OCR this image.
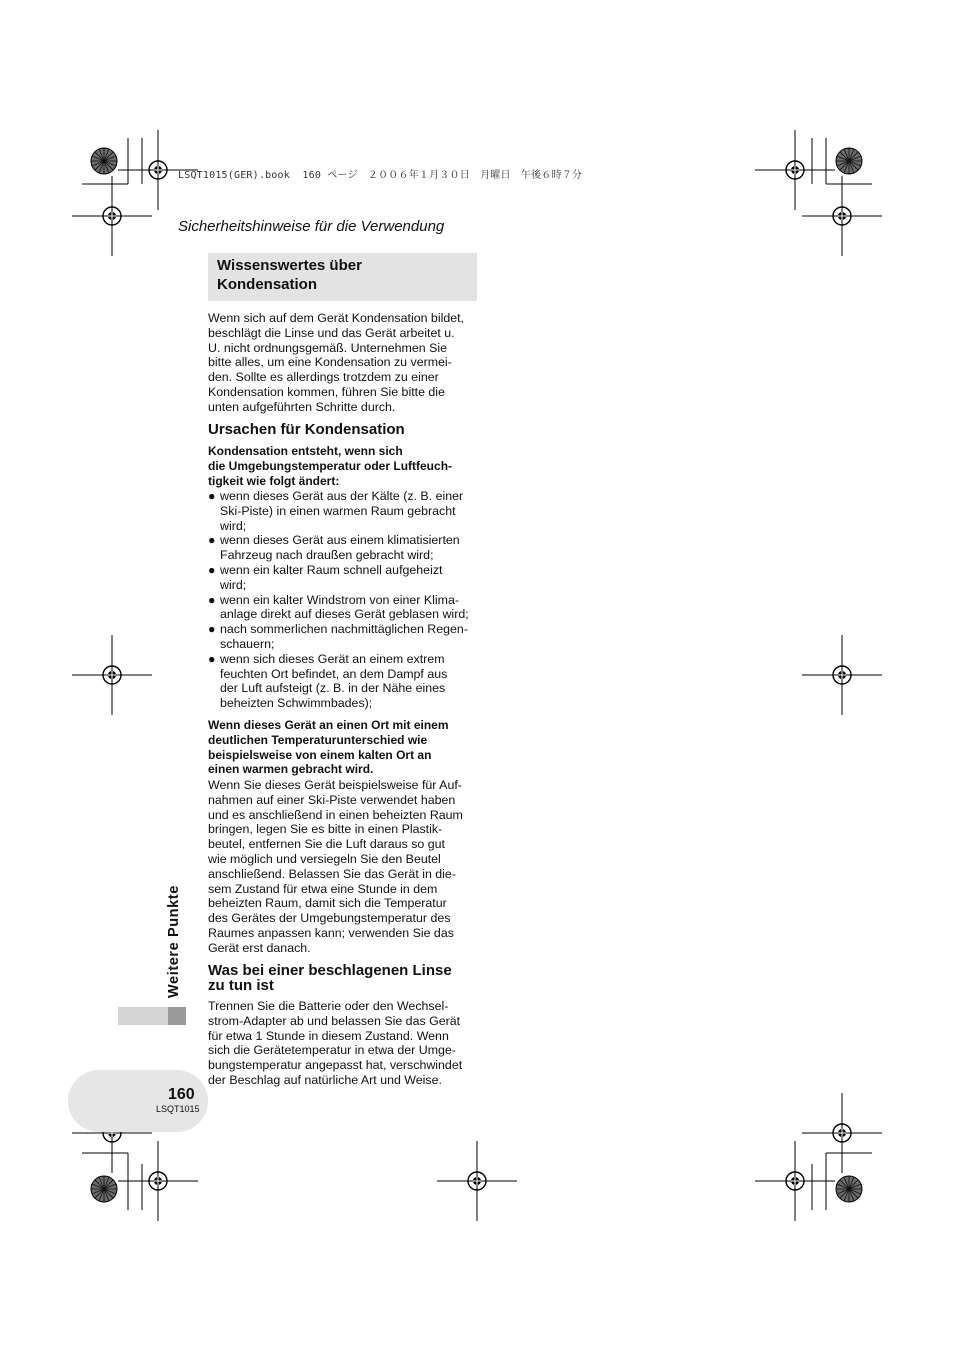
LSQT1015(GER).book  160 ページ　２００６年１月３０日　月曜日　午後６時７分
Sicherheitshinweise für die Verwendung
Wissenswertes über
Kondensation
Wenn sich auf dem Gerät Kondensation bildet,
beschlägt die Linse und das Gerät arbeitet u.
U. nicht ordnungsgemäß. Unternehmen Sie
bitte alles, um eine Kondensation zu vermei-
den. Sollte es allerdings trotzdem zu einer
Kondensation kommen, führen Sie bitte die
unten aufgeführten Schritte durch.
Ursachen für Kondensation
Kondensation entsteht, wenn sich
die Umgebungstemperatur oder Luftfeuch-
tigkeit wie folgt ändert:
● wenn dieses Gerät aus der Kälte (z. B. einer
Ski-Piste) in einen warmen Raum gebracht
wird;
● wenn dieses Gerät aus einem klimatisierten
Fahrzeug nach draußen gebracht wird;
● wenn ein kalter Raum schnell aufgeheizt
wird;
● wenn ein kalter Windstrom von einer Klima-
anlage direkt auf dieses Gerät geblasen wird;
● nach sommerlichen nachmittäglichen Regen-
schauern;
● wenn sich dieses Gerät an einem extrem
feuchten Ort befindet, an dem Dampf aus
der Luft aufsteigt (z. B. in der Nähe eines
beheizten Schwimmbades);
Wenn dieses Gerät an einen Ort mit einem
deutlichen Temperaturunterschied wie
beispielsweise von einem kalten Ort an
einen warmen gebracht wird.
Wenn Sie dieses Gerät beispielsweise für Auf-
nahmen auf einer Ski-Piste verwendet haben
und es anschließend in einen beheizten Raum
bringen, legen Sie es bitte in einen Plastik-
beutel, entfernen Sie die Luft daraus so gut
wie möglich und versiegeln Sie den Beutel
anschließend. Belassen Sie das Gerät in die-
sem Zustand für etwa eine Stunde in dem
beheizten Raum, damit sich die Temperatur
des Gerätes der Umgebungstemperatur des
Raumes anpassen kann; verwenden Sie das
Gerät erst danach.
Was bei einer beschlagenen Linse
zu tun ist
Trennen Sie die Batterie oder den Wechsel-
strom-Adapter ab und belassen Sie das Gerät
für etwa 1 Stunde in diesem Zustand. Wenn
sich die Gerätetemperatur in etwa der Umge-
bungstemperatur angepasst hat, verschwindet
der Beschlag auf natürliche Art und Weise.
Weitere Punkte
160
LSQT1015
